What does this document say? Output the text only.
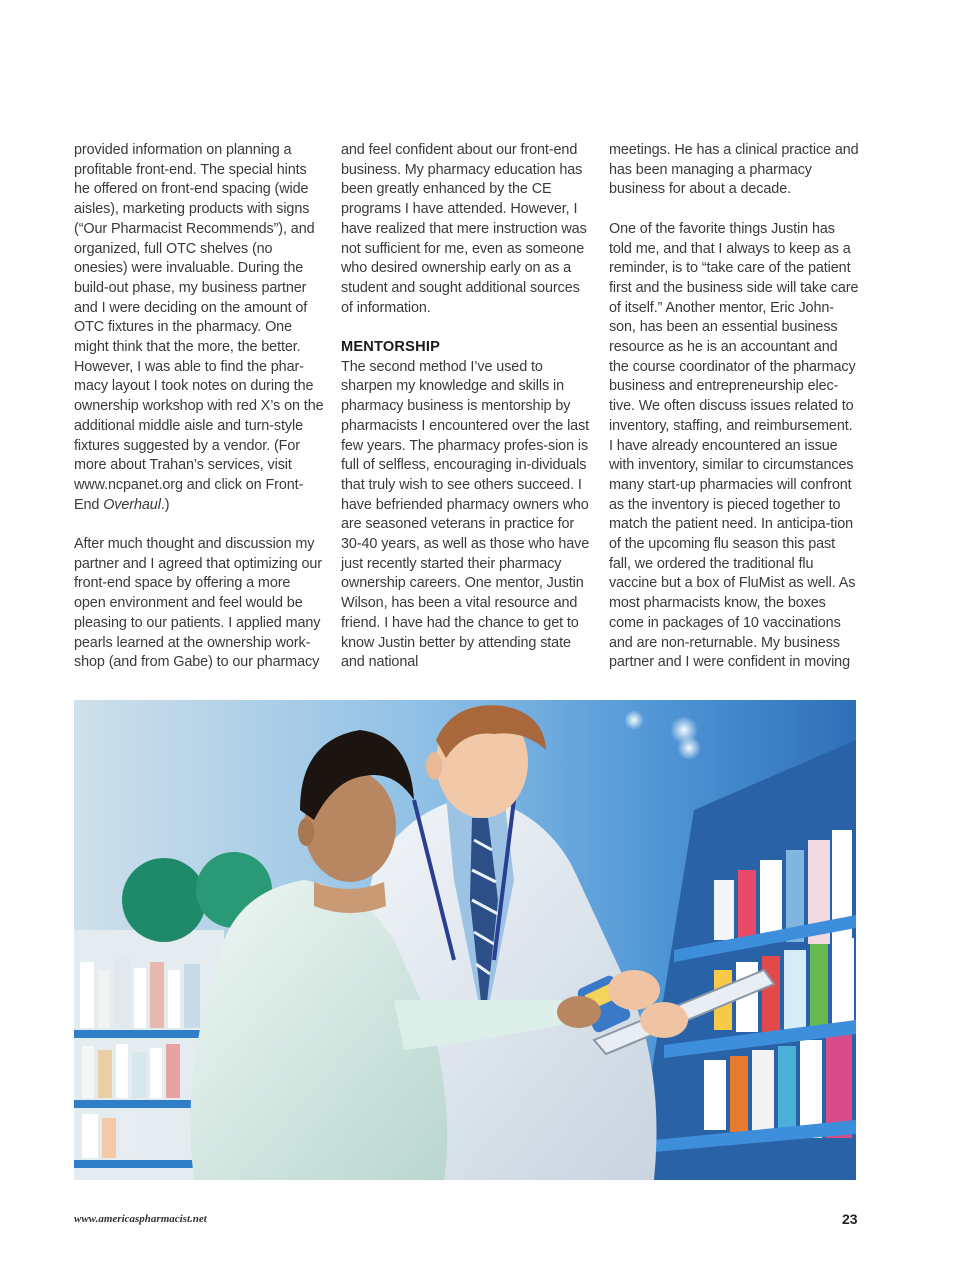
provided information on planning a profitable front-end. The special hints he offered on front-end spacing (wide aisles), marketing products with signs (“Our Pharmacist Recommends”), and organized, full OTC shelves (no onesies) were invaluable. During the build-out phase, my business partner and I were deciding on the amount of OTC fixtures in the pharmacy. One might think that the more, the better. However, I was able to find the phar-macy layout I took notes on during the ownership workshop with red X’s on the additional middle aisle and turn-style fixtures suggested by a vendor. (For more about Trahan’s services, visit www.ncpanet.org and click on Front-End Overhaul.)

After much thought and discussion my partner and I agreed that optimizing our front-end space by offering a more open environment and feel would be pleasing to our patients. I applied many pearls learned at the ownership work-shop (and from Gabe) to our pharmacy

and feel confident about our front-end business. My pharmacy education has been greatly enhanced by the CE programs I have attended. However, I have realized that mere instruction was not sufficient for me, even as someone who desired ownership early on as a student and sought additional sources of information.

MENTORSHIP

The second method I’ve used to sharpen my knowledge and skills in pharmacy business is mentorship by pharmacists I encountered over the last few years. The pharmacy profes-sion is full of selfless, encouraging in-dividuals that truly wish to see others succeed. I have befriended pharmacy owners who are seasoned veterans in practice for 30-40 years, as well as those who have just recently started their pharmacy ownership careers. One mentor, Justin Wilson, has been a vital resource and friend. I have had the chance to get to know Justin better by attending state and national

meetings. He has a clinical practice and has been managing a pharmacy business for about a decade.

One of the favorite things Justin has told me, and that I always to keep as a reminder, is to “take care of the patient first and the business side will take care of itself.” Another mentor, Eric John-son, has been an essential business resource as he is an accountant and the course coordinator of the pharmacy business and entrepreneurship elec-tive. We often discuss issues related to inventory, staffing, and reimbursement. I have already encountered an issue with inventory, similar to circumstances many start-up pharmacies will confront as the inventory is pieced together to match the patient need. In anticipa-tion of the upcoming flu season this past fall, we ordered the traditional flu vaccine but a box of FluMist as well. As most pharmacists know, the boxes come in packages of 10 vaccinations and are non-returnable. My business partner and I were confident in moving

www.americaspharmacist.net	23
